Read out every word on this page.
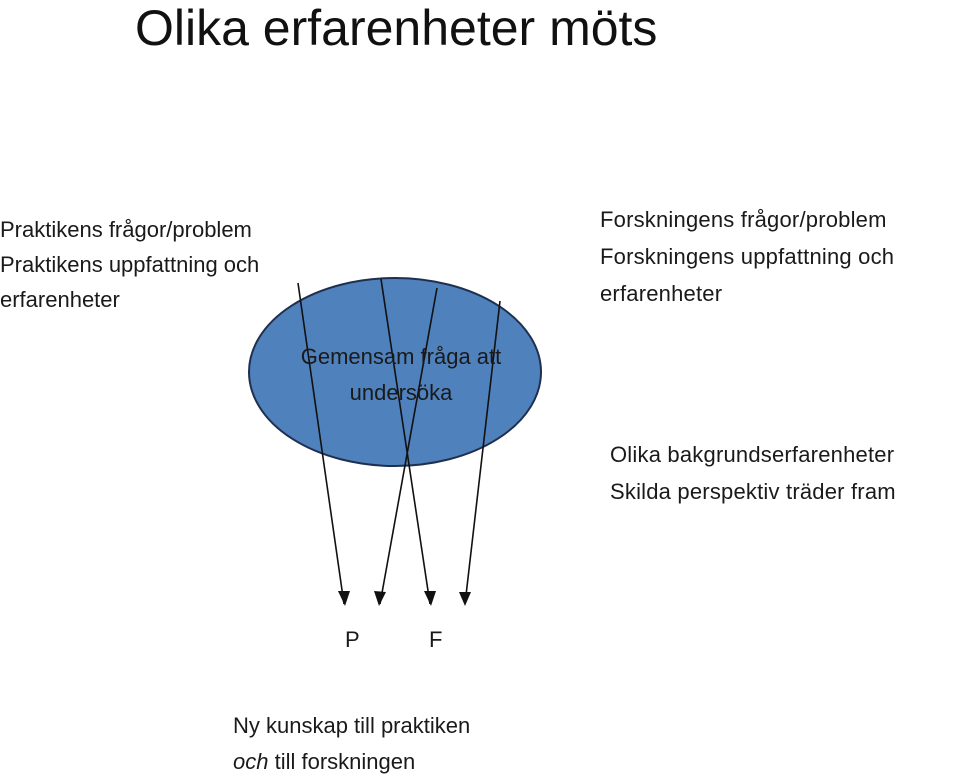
Olika erfarenheter möts
Praktikens frågor/problem
Praktikens uppfattning och
erfarenheter
Forskningens frågor/problem
Forskningens uppfattning och
erfarenheter
Gemensam fråga att
undersöka
Olika bakgrundserfarenheter
Skilda perspektiv träder fram
P	F
Ny kunskap till praktiken
och till forskningen
